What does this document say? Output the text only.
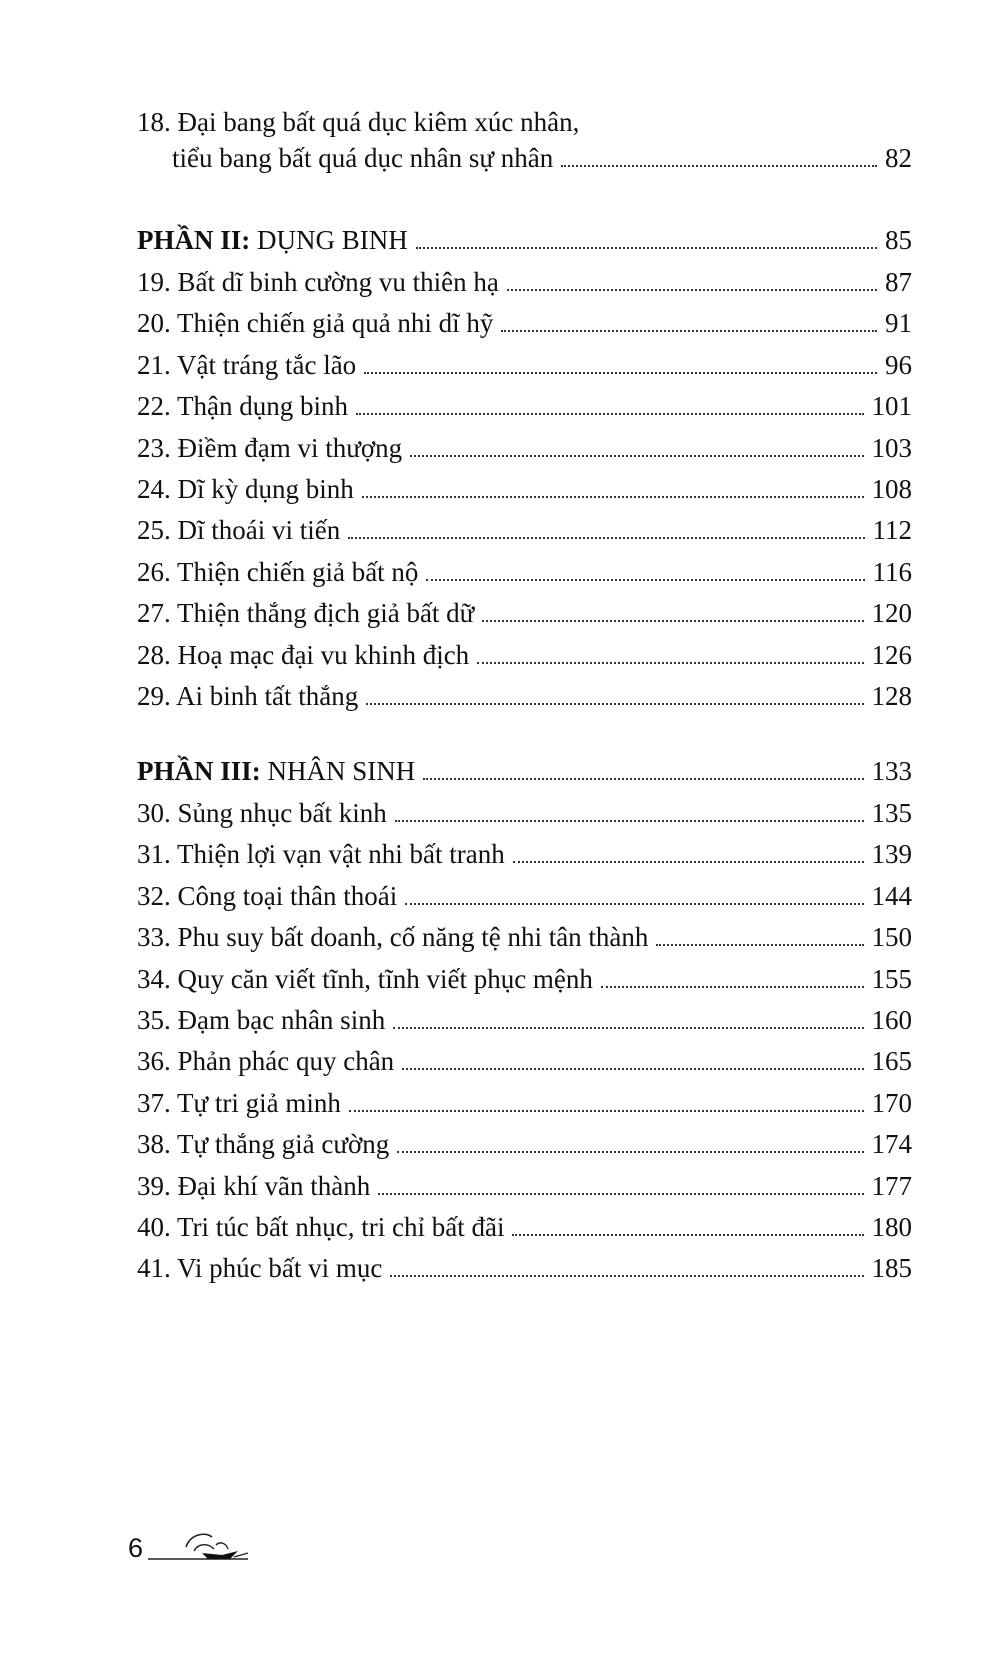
18. Đại bang bất quá dục kiêm xúc nhân,
tiểu bang bất quá dục nhân sự nhân	82
PHẦN II: DỤNG BINH	85
19. Bất dĩ binh cường vu thiên hạ	87
20. Thiện chiến giả quả nhi dĩ hỹ	91
21. Vật tráng tắc lão	96
22. Thận dụng binh	101
23. Điềm đạm vi thượng	103
24. Dĩ kỳ dụng binh	108
25. Dĩ thoái vi tiến	112
26. Thiện chiến giả bất nộ	116
27. Thiện thắng địch giả bất dữ	120
28. Hoạ mạc đại vu khinh địch	126
29. Ai binh tất thắng	128
PHẦN III: NHÂN SINH	133
30. Sủng nhục bất kinh	135
31. Thiện lợi vạn vật nhi bất tranh	139
32. Công toại thân thoái	144
33. Phu suy bất doanh, cố năng tệ nhi tân thành	150
34. Quy căn viết tĩnh, tĩnh viết phục mệnh	155
35. Đạm bạc nhân sinh	160
36. Phản phác quy chân	165
37. Tự tri giả minh	170
38. Tự thắng giả cường	174
39. Đại khí vãn thành	177
40. Tri túc bất nhục, tri chỉ bất đãi	180
41. Vi phúc bất vi mục	185
6
